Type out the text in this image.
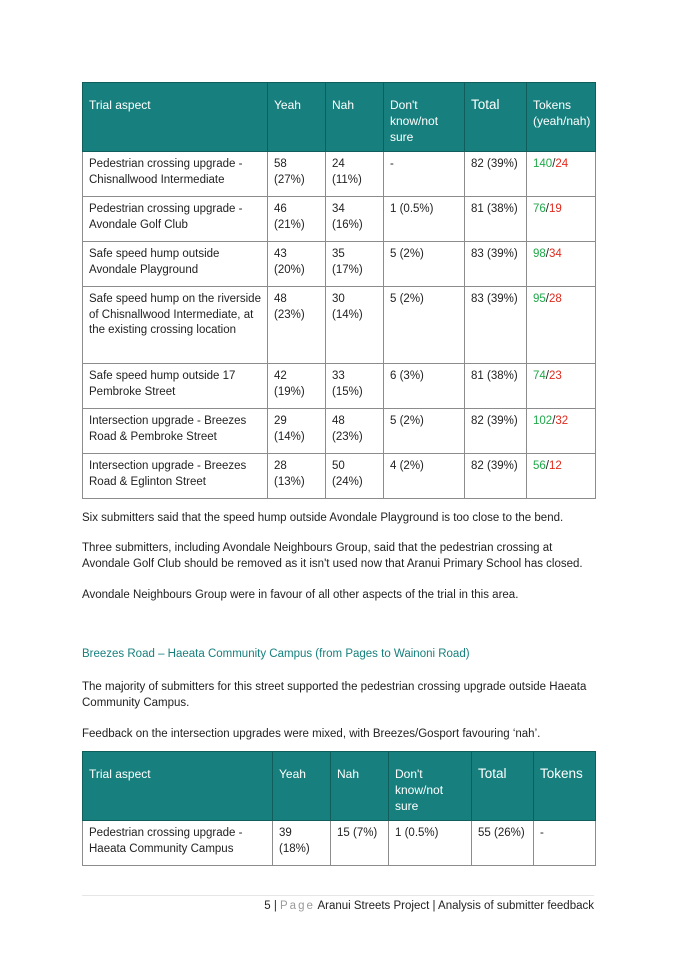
Trial aspect	Yeah	Nah	Don't know/not sure	Total	Tokens (yeah/nah)
Pedestrian crossing upgrade - Chisnallwood Intermediate	58 (27%)	24 (11%)	-	82 (39%)	140/24
Pedestrian crossing upgrade - Avondale Golf Club	46 (21%)	34 (16%)	1 (0.5%)	81 (38%)	76/19
Safe speed hump outside Avondale Playground	43 (20%)	35 (17%)	5 (2%)	83 (39%)	98/34
Safe speed hump on the riverside of Chisnallwood Intermediate, at the existing crossing location	48 (23%)	30 (14%)	5 (2%)	83 (39%)	95/28
Safe speed hump outside 17 Pembroke Street	42 (19%)	33 (15%)	6 (3%)	81 (38%)	74/23
Intersection upgrade - Breezes Road & Pembroke Street	29 (14%)	48 (23%)	5 (2%)	82 (39%)	102/32
Intersection upgrade - Breezes Road & Eglinton Street	28 (13%)	50 (24%)	4 (2%)	82 (39%)	56/12

Six submitters said that the speed hump outside Avondale Playground is too close to the bend.

Three submitters, including Avondale Neighbours Group, said that the pedestrian crossing at Avondale Golf Club should be removed as it isn't used now that Aranui Primary School has closed.

Avondale Neighbours Group were in favour of all other aspects of the trial in this area.

Breezes Road – Haeata Community Campus (from Pages to Wainoni Road)

The majority of submitters for this street supported the pedestrian crossing upgrade outside Haeata Community Campus.

Feedback on the intersection upgrades were mixed, with Breezes/Gosport favouring ‘nah’.

Trial aspect	Yeah	Nah	Don't know/not sure	Total	Tokens
Pedestrian crossing upgrade - Haeata Community Campus	39 (18%)	15 (7%)	1 (0.5%)	55 (26%)	-
5 | Page Aranui Streets Project | Analysis of submitter feedback
